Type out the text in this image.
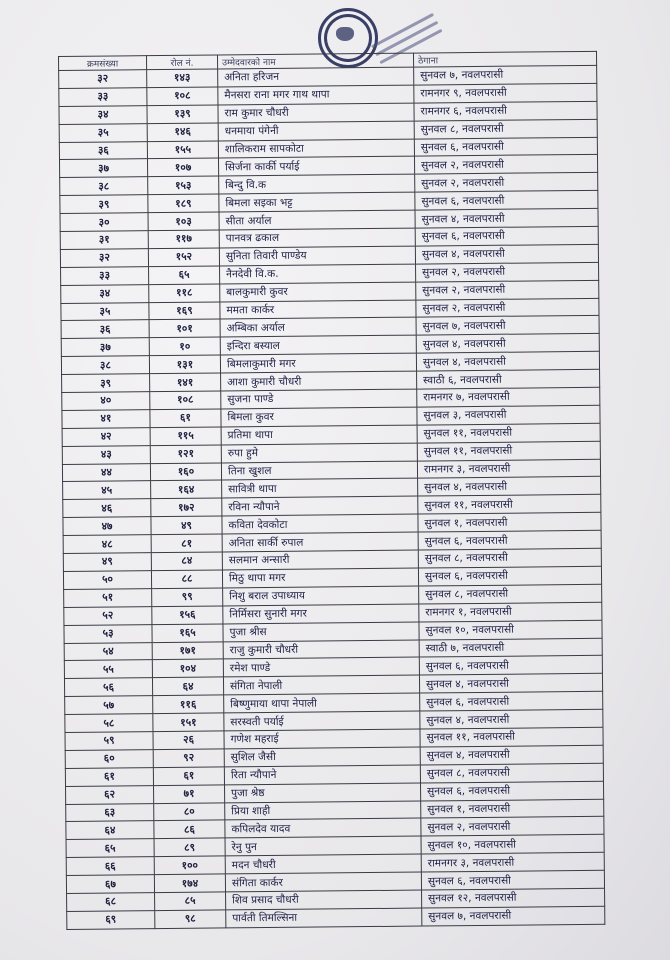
क्रमसंख्या	रोल नं.	उम्मेदवारको नाम	ठेगाना
३२	१४३	अनिता हरिजन	सुनवल ७, नवलपरासी
३३	१०८	मैनसरा राना मगर गाथ थापा	रामनगर ९, नवलपरासी
३४	१३९	राम कुमार चौधरी	रामनगर ६, नवलपरासी
३५	१४६	धनमाया पंगेनी	सुनवल ८, नवलपरासी
३६	१५५	शालिकराम सापकोटा	सुनवल ६, नवलपरासी
३७	१०७	सिर्जना कार्की पर्याई	सुनवल २, नवलपरासी
३८	१५३	बिन्दु वि.क	सुनवल २, नवलपरासी
३९	१८९	बिमला सइका भट्ट	सुनवल ६, नवलपरासी
३०	१०३	सीता अर्याल	सुनवल ४, नवलपरासी
३१	११७	पानवत्र ढकाल	सुनवल ६, नवलपरासी
३२	१५२	सुनिता तिवारी पाण्डेय	सुनवल ४, नवलपरासी
३३	६५	नैनदेवी वि.क.	सुनवल २, नवलपरासी
३४	११८	बालकुमारी कुवर	सुनवल २, नवलपरासी
३५	१६९	ममता कार्कर	सुनवल २, नवलपरासी
३६	१०१	अम्बिका अर्याल	सुनवल ७, नवलपरासी
३७	१०	इन्दिरा बस्याल	सुनवल ४, नवलपरासी
३८	१३१	बिमलाकुमारी मगर	सुनवल ४, नवलपरासी
३९	१४१	आशा कुमारी चौधरी	स्वाठी ६, नवलपरासी
४०	१०८	सुजना पाण्डे	रामनगर ७, नवलपरासी
४१	६१	बिमला कुवर	सुनवल ३, नवलपरासी
४२	११५	प्रतिमा थापा	सुनवल ११, नवलपरासी
४३	१२१	रुपा हुमे	सुनवल ११, नवलपरासी
४४	१६०	तिना खुशल	रामनगर ३, नवलपरासी
४५	१६४	सावित्री थापा	सुनवल ४, नवलपरासी
४६	१७२	रविना न्यौपाने	सुनवल ११, नवलपरासी
४७	४९	कविता देवकोटा	सुनवल १, नवलपरासी
४८	८१	अनिता सार्की रुपाल	सुनवल ६, नवलपरासी
४९	८४	सलमान अन्सारी	सुनवल ८, नवलपरासी
५०	८८	मिठु थापा मगर	सुनवल ६, नवलपरासी
५१	९९	निशु बराल उपाध्याय	सुनवल ८, नवलपरासी
५२	१५६	निर्मिसरा सुनारी मगर	रामनगर १, नवलपरासी
५३	१६५	पुजा श्रीस	सुनवल १०, नवलपरासी
५४	१७१	राजु कुमारी चौधरी	स्वाठी ७, नवलपरासी
५५	१०४	रमेश पाण्डे	सुनवल ६, नवलपरासी
५६	६४	संगिता नेपाली	सुनवल ४, नवलपरासी
५७	११६	बिष्णुमाया थापा नेपाली	सुनवल ६, नवलपरासी
५८	१५१	सरस्वती पर्याई	सुनवल ४, नवलपरासी
५९	२६	गणेश महराई	सुनवल ११, नवलपरासी
६०	९२	सुशिल जैसी	सुनवल ४, नवलपरासी
६१	६१	रिता न्यौपाने	सुनवल ८, नवलपरासी
६२	७१	पुजा श्रेष्ठ	सुनवल ६, नवलपरासी
६३	८०	प्रिया शाही	सुनवल १, नवलपरासी
६४	८६	कपिलदेव यादव	सुनवल २, नवलपरासी
६५	८९	रेनु पुन	सुनवल १०, नवलपरासी
६६	१००	मदन चौधरी	रामनगर ३, नवलपरासी
६७	१७४	संगिता कार्कर	सुनवल ६, नवलपरासी
६८	८५	शिव प्रसाद चौधरी	सुनवल १२, नवलपरासी
६९	९८	पार्वती तिमल्सिना	सुनवल ७, नवलपरासी
